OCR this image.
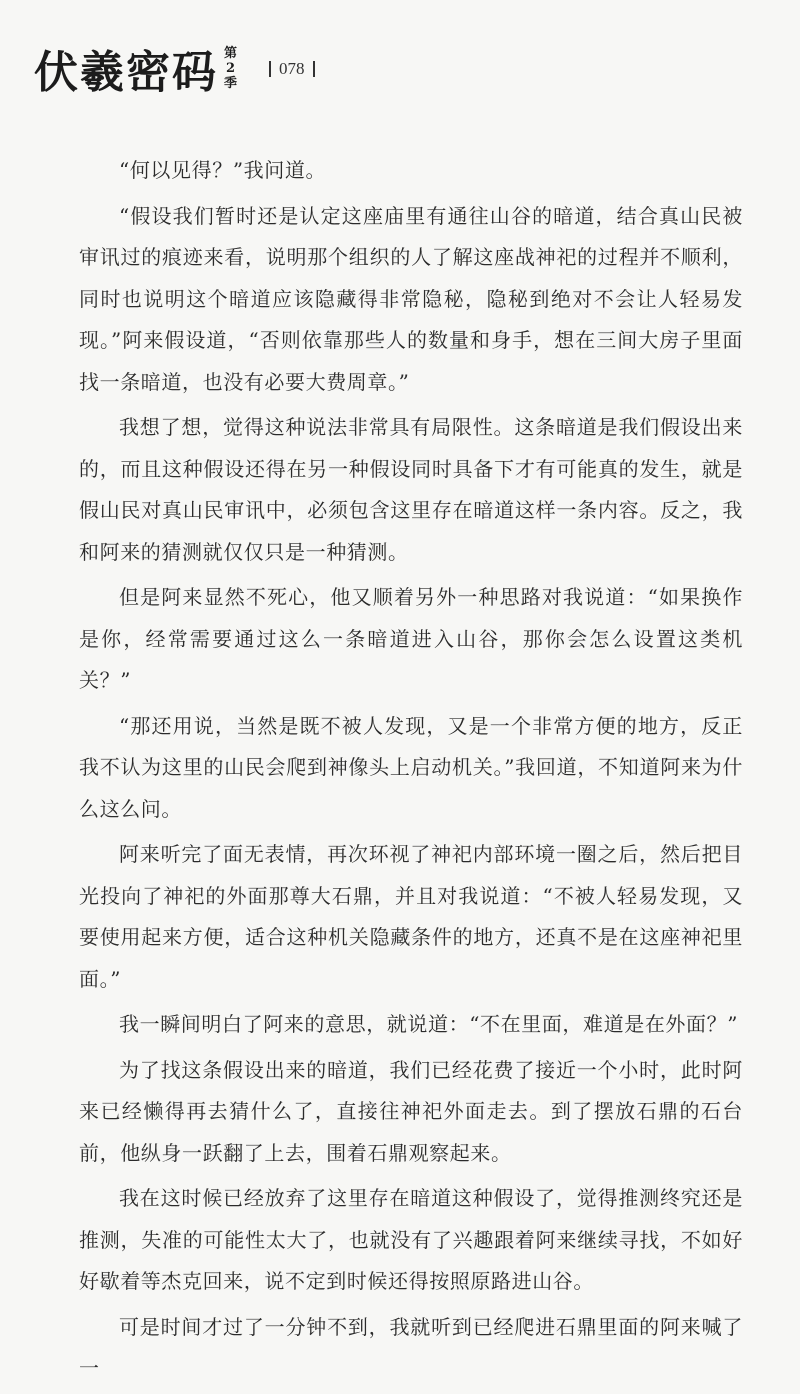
伏羲密码 第
2
季
078

“何以见得？”我问道。

“假设我们暂时还是认定这座庙里有通往山谷的暗道，结合真山民被审讯过的痕迹来看，说明那个组织的人了解这座战神祀的过程并不顺利，同时也说明这个暗道应该隐藏得非常隐秘，隐秘到绝对不会让人轻易发现。”阿来假设道，“否则依靠那些人的数量和身手，想在三间大房子里面找一条暗道，也没有必要大费周章。”

我想了想，觉得这种说法非常具有局限性。这条暗道是我们假设出来的，而且这种假设还得在另一种假设同时具备下才有可能真的发生，就是假山民对真山民审讯中，必须包含这里存在暗道这样一条内容。反之，我和阿来的猜测就仅仅只是一种猜测。

但是阿来显然不死心，他又顺着另外一种思路对我说道：“如果换作是你，经常需要通过这么一条暗道进入山谷，那你会怎么设置这类机关？”

“那还用说，当然是既不被人发现，又是一个非常方便的地方，反正我不认为这里的山民会爬到神像头上启动机关。”我回道，不知道阿来为什么这么问。

阿来听完了面无表情，再次环视了神祀内部环境一圈之后，然后把目光投向了神祀的外面那尊大石鼎，并且对我说道：“不被人轻易发现，又要使用起来方便，适合这种机关隐藏条件的地方，还真不是在这座神祀里面。”

我一瞬间明白了阿来的意思，就说道：“不在里面，难道是在外面？”

为了找这条假设出来的暗道，我们已经花费了接近一个小时，此时阿来已经懒得再去猜什么了，直接往神祀外面走去。到了摆放石鼎的石台前，他纵身一跃翻了上去，围着石鼎观察起来。

我在这时候已经放弃了这里存在暗道这种假设了，觉得推测终究还是推测，失准的可能性太大了，也就没有了兴趣跟着阿来继续寻找，不如好好歇着等杰克回来，说不定到时候还得按照原路进山谷。

可是时间才过了一分钟不到，我就听到已经爬进石鼎里面的阿来喊了一
